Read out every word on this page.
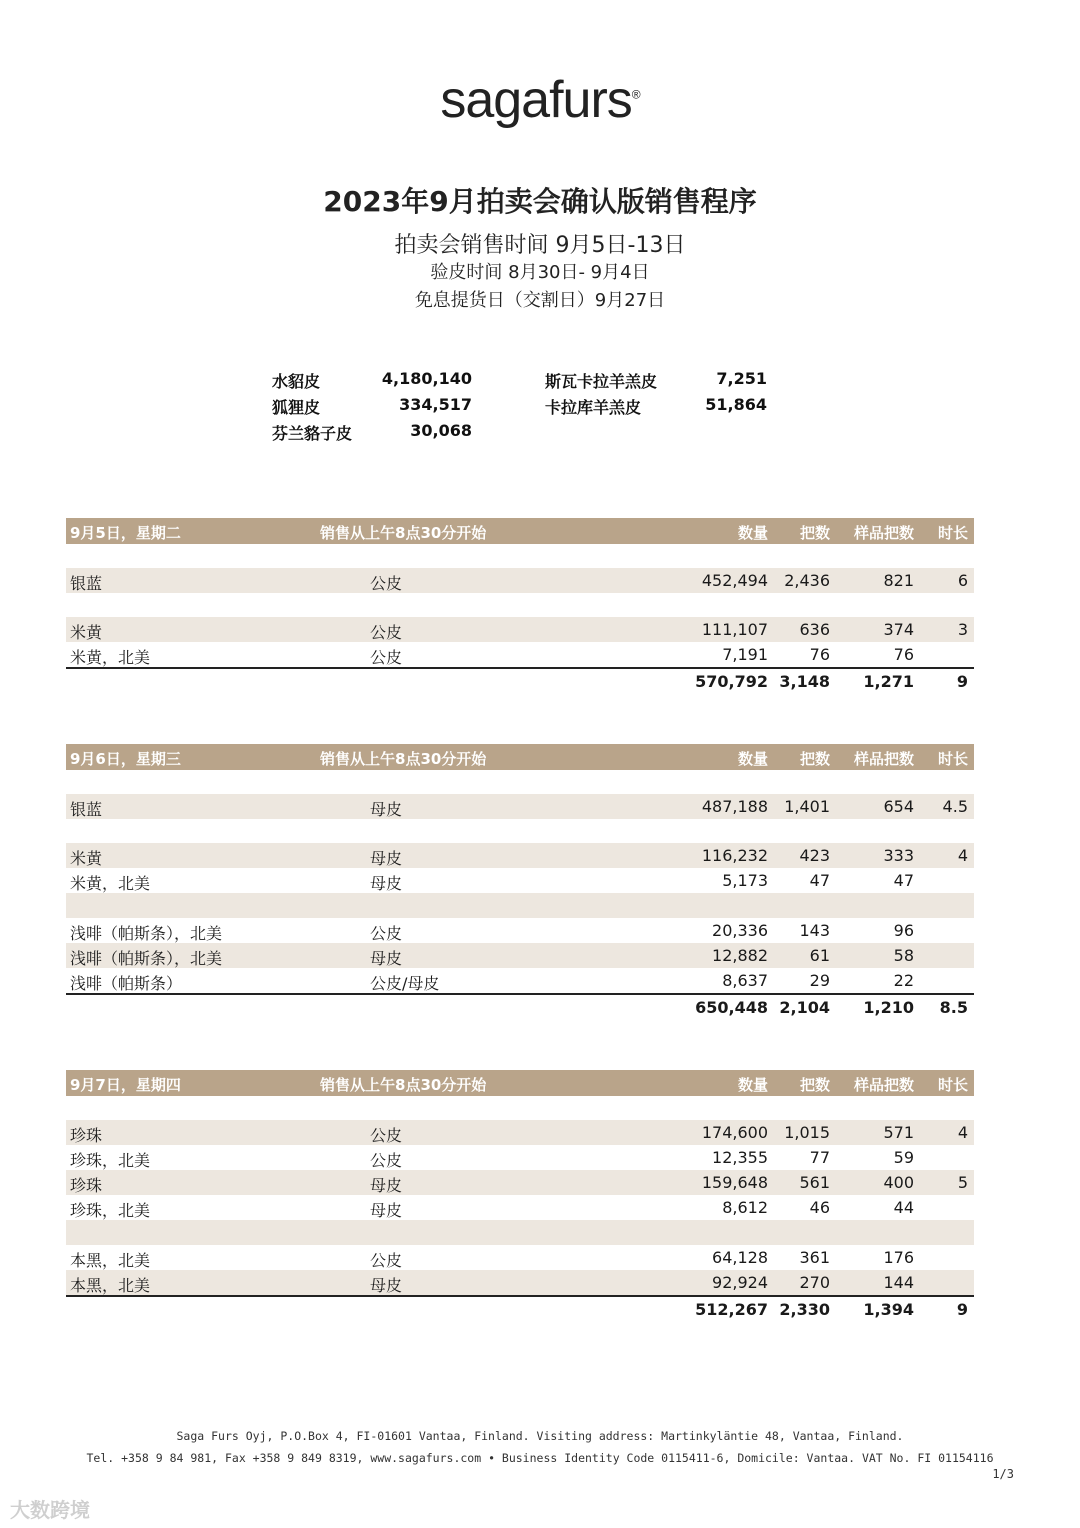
sagafurs®
2023年9月拍卖会确认版销售程序
拍卖会销售时间 9月5日-13日
验皮时间 8月30日- 9月4日
免息提货日（交割日）9月27日
水貂皮	4,180,140
狐狸皮	334,517
芬兰貉子皮	30,068
斯瓦卡拉羊羔皮	7,251
卡拉库羊羔皮	51,864
9月5日，星期二	销售从上午8点30分开始	数量 把数 样品把数 时长
银蓝	公皮	452,494 2,436	821	6
米黄	公皮	111,107 636	374	3
米黄，北美	公皮	7,191	76	76
570,792 3,148 1,271	9
9月6日，星期三	销售从上午8点30分开始	数量 把数 样品把数 时长
银蓝	母皮	487,188 1,401	654 4.5
米黄	母皮	116,232 423	333	4
米黄，北美	母皮	5,173	47	47
浅啡（帕斯条），北美	公皮	20,336 143	96
浅啡（帕斯条），北美	母皮	12,882	61	58
浅啡（帕斯条）	公皮/母皮	8,637	29	22
650,448 2,104 1,210 8.5
9月7日，星期四	销售从上午8点30分开始	数量 把数 样品把数 时长
珍珠	公皮	174,600 1,015	571	4
珍珠，北美	公皮	12,355	77	59
珍珠	母皮	159,648 561	400	5
珍珠，北美	母皮	8,612	46	44
本黑，北美	公皮	64,128 361	176
本黑，北美	母皮	92,924 270	144
512,267 2,330 1,394	9
Saga Furs Oyj, P.O.Box 4, FI-01601 Vantaa, Finland. Visiting address: Martinkyläntie 48, Vantaa, Finland.
Tel. +358 9 84 981, Fax +358 9 849 8319, www.sagafurs.com • Business Identity Code 0115411-6, Domicile: Vantaa. VAT No. FI 01154116
1/3
大数跨境
